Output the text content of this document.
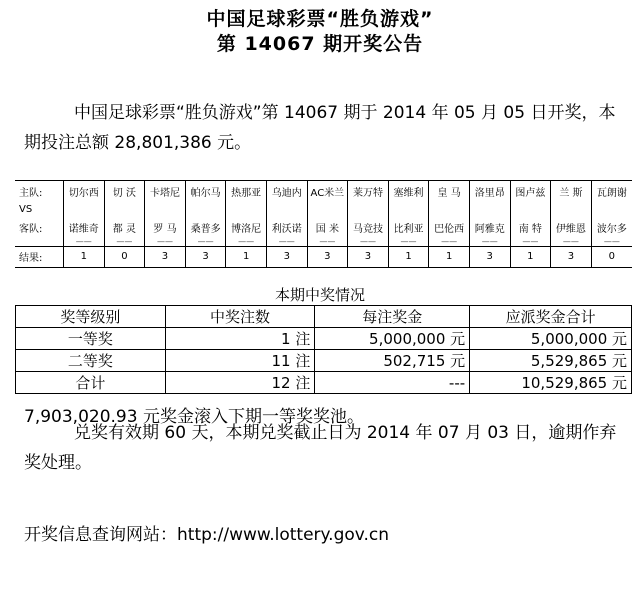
中国足球彩票“胜负游戏”
第 14067 期开奖公告
中国足球彩票“胜负游戏”第 14067 期于 2014 年 05 月 05 日开奖，本期投注总额 28,801,386 元。
主队:	切尔西	切 沃	卡塔尼	帕尔马	热那亚	乌迪内	AC米兰	莱万特	塞维利	皇 马	洛里昂	图卢兹	兰 斯	瓦朗谢
VS														
客队:	诺维奇	都 灵	罗 马	桑普多	博洛尼	利沃诺	国 米	马竞技	比利亚	巴伦西	阿雅克	南 特	伊维恩	波尔多
	——	——	——	——	——	——	——	——	——	——	——	——	——	——
结果:	1	0	3	3	1	3	3	3	1	1	3	1	3	0
本期中奖情况
奖等级别	中奖注数	每注奖金	应派奖金合计
一等奖	1 注	5,000,000 元	5,000,000 元
二等奖	11 注	502,715 元	5,529,865 元
合计	12 注	---	10,529,865 元
7,903,020.93 元奖金滚入下期一等奖奖池。
兑奖有效期 60 天，本期兑奖截止日为 2014 年 07 月 03 日，逾期作弃奖处理。
开奖信息查询网站：http://www.lottery.gov.cn
